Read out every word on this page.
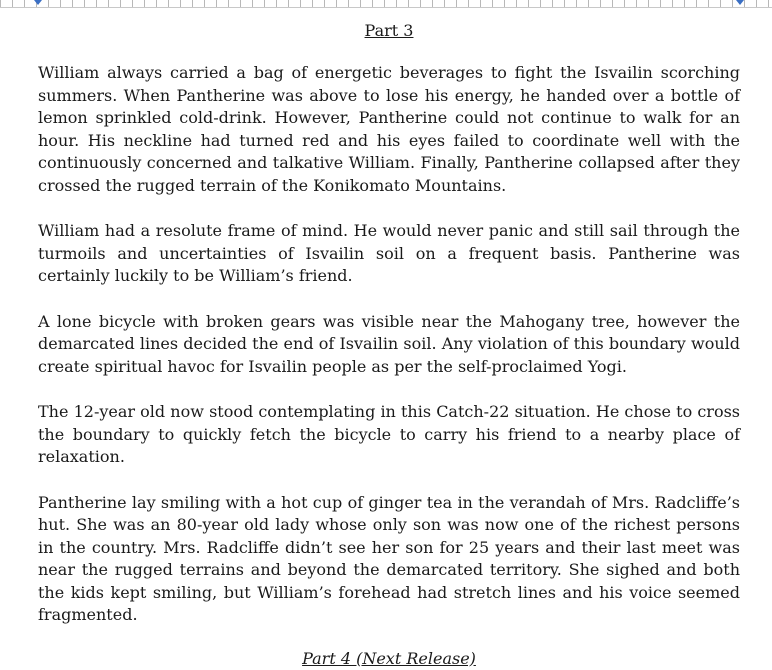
Part 3

William always carried a bag of energetic beverages to fight the Isvailin scorching summers. When Pantherine was above to lose his energy, he handed over a bottle of lemon sprinkled cold-drink. However, Pantherine could not continue to walk for an hour. His neckline had turned red and his eyes failed to coordinate well with the continuously concerned and talkative William. Finally, Pantherine collapsed after they crossed the rugged terrain of the Konikomato Mountains.

William had a resolute frame of mind. He would never panic and still sail through the turmoils and uncertainties of Isvailin soil on a frequent basis. Pantherine was certainly luckily to be William’s friend.

A lone bicycle with broken gears was visible near the Mahogany tree, however the demarcated lines decided the end of Isvailin soil. Any violation of this boundary would create spiritual havoc for Isvailin people as per the self-proclaimed Yogi.

The 12-year old now stood contemplating in this Catch-22 situation. He chose to cross the boundary to quickly fetch the bicycle to carry his friend to a nearby place of relaxation.

Pantherine lay smiling with a hot cup of ginger tea in the verandah of Mrs. Radcliffe’s hut. She was an 80-year old lady whose only son was now one of the richest persons in the country. Mrs. Radcliffe didn’t see her son for 25 years and their last meet was near the rugged terrains and beyond the demarcated territory. She sighed and both the kids kept smiling, but William’s forehead had stretch lines and his voice seemed fragmented.

Part 4 (Next Release)
